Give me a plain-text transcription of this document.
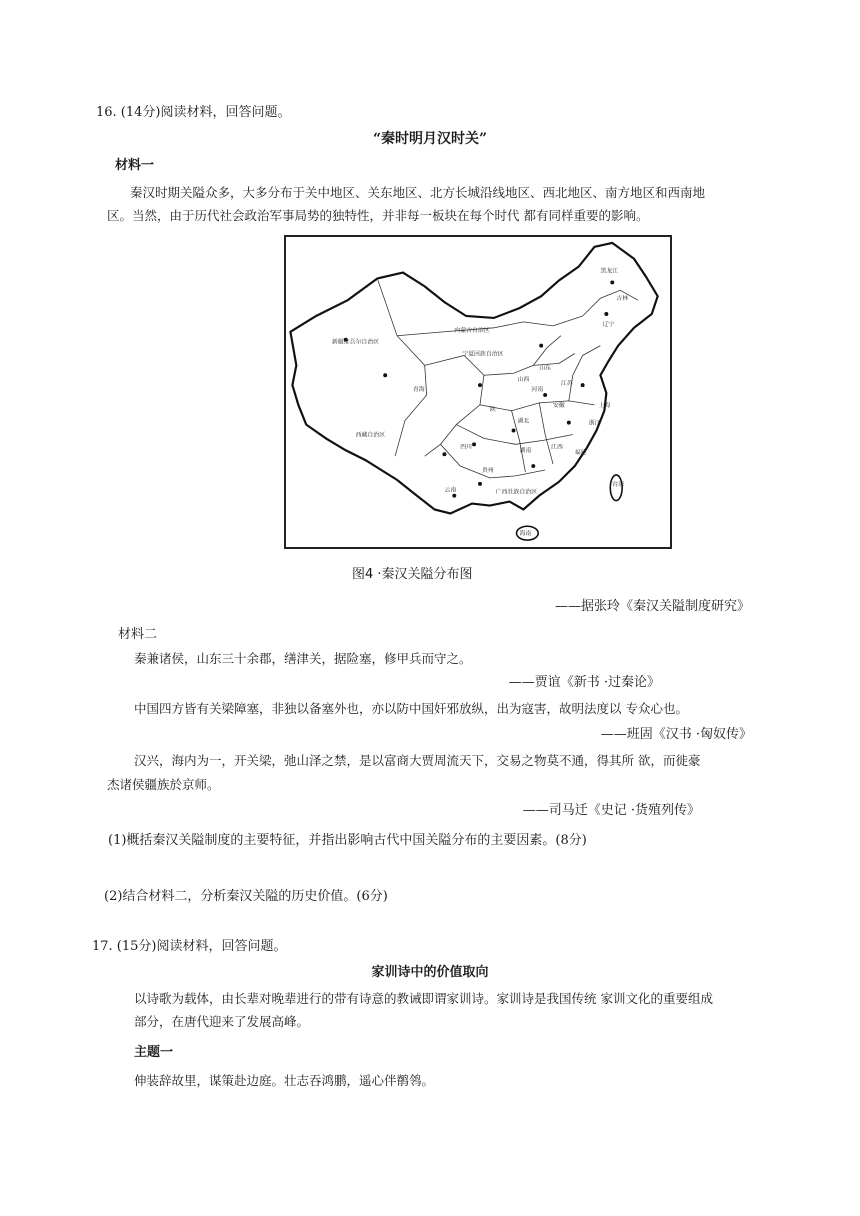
16. (14分)阅读材料，回答问题。
“秦时明月汉时关”
材料一
秦汉时期关隘众多，大多分布于关中地区、关东地区、北方长城沿线地区、西北地区、南方地区和西南地
区。当然，由于历代社会政治军事局势的独特性，并非每一板块在每个时代 都有同样重要的影响。
黑龙江
吉林
辽宁
新疆维吾尔自治区
内蒙古自治区
宁夏回族自治区
青海
西藏自治区
山东
河南
江苏
安徽	上海
浙江
湖北
四川
湖南
江西
福建
贵州
云南	广西壮族自治区
台湾
海南
陕
山西
图4 ·秦汉关隘分布图
——据张玲《秦汉关隘制度研究》
材料二
秦兼诸侯，山东三十余郡，缮津关，据险塞，修甲兵而守之。
——贾谊《新书 ·过秦论》
中国四方皆有关梁障塞，非独以备塞外也，亦以防中国奸邪放纵，出为寇害，故明法度以 专众心也。
——班固《汉书 ·匈奴传》
汉兴，海内为一，开关梁，弛山泽之禁，是以富商大贾周流天下，交易之物莫不通，得其所 欲，而徙豪
杰诸侯疆族於京师。
——司马迁《史记 ·货殖列传》
(1)概括秦汉关隘制度的主要特征，并指出影响古代中国关隘分布的主要因素。(8分)
(2)结合材料二，分析秦汉关隘的历史价值。(6分)
17. (15分)阅读材料，回答问题。
家训诗中的价值取向
以诗歌为载体，由长辈对晚辈进行的带有诗意的教诫即谓家训诗。家训诗是我国传统 家训文化的重要组成
部分，在唐代迎来了发展高峰。
主题一
伸装辞故里，谋策赴边庭。壮志吞鸿鹏，遥心伴鹡鸰。
